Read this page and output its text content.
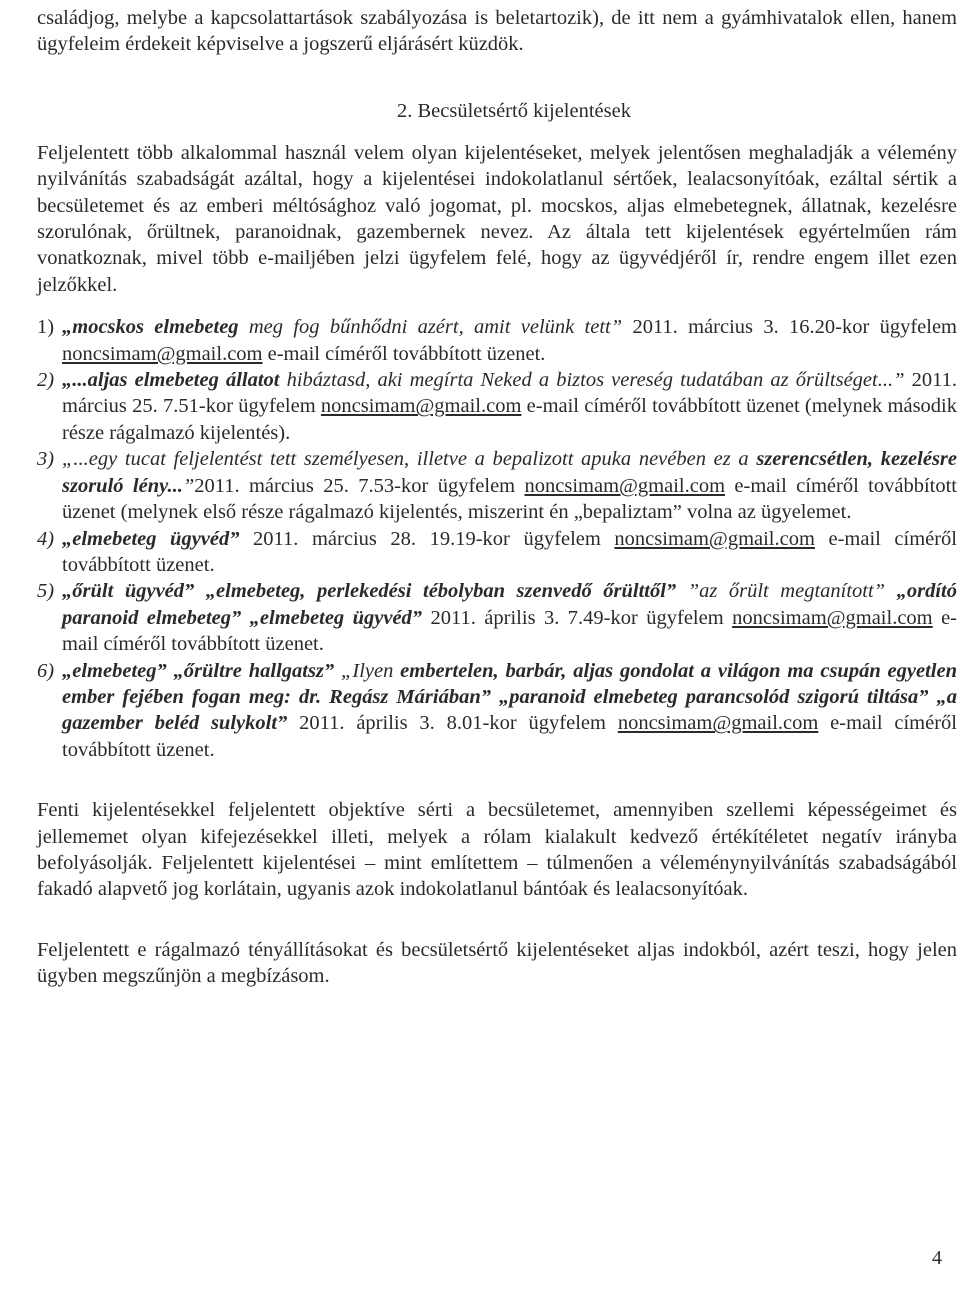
családjog, melybe a kapcsolattartások szabályozása is beletartozik), de itt nem a gyámhivatalok ellen, hanem ügyfeleim érdekeit képviselve a jogszerű eljárásért küzdök.

2. Becsületsértő kijelentések

Feljelentett több alkalommal használ velem olyan kijelentéseket, melyek jelentősen meghaladják a vélemény nyilvánítás szabadságát azáltal, hogy a kijelentései indokolatlanul sértőek, lealacsonyítóak, ezáltal sértik a becsületemet és az emberi méltósághoz való jogomat, pl. mocskos, aljas elmebetegnek, állatnak, kezelésre szorulónak, őrültnek, paranoidnak, gazembernek nevez. Az általa tett kijelentések egyértelműen rám vonatkoznak, mivel több e-mailjében jelzi ügyfelem felé, hogy az ügyvédjéről ír, rendre engem illet ezen jelzőkkel.

1) „mocskos elmebeteg meg fog bűnhődni azért, amit velünk tett” 2011. március 3. 16.20-kor ügyfelem noncsimam@gmail.com e-mail címéről továbbított üzenet.

2) „...aljas elmebeteg állatot hibáztasd, aki megírta Neked a biztos vereség tudatában az őrültséget...” 2011. március 25. 7.51-kor ügyfelem noncsimam@gmail.com e-mail címéről továbbított üzenet (melynek második része rágalmazó kijelentés).

3) „...egy tucat feljelentést tett személyesen, illetve a bepalizott apuka nevében ez a szerencsétlen, kezelésre szoruló lény...”2011. március 25. 7.53-kor ügyfelem noncsimam@gmail.com e-mail címéről továbbított üzenet (melynek első része rágalmazó kijelentés, miszerint én „bepaliztam” volna az ügyelemet.

4) „elmebeteg ügyvéd” 2011. március 28. 19.19-kor ügyfelem noncsimam@gmail.com e-mail címéről továbbított üzenet.

5) „őrült ügyvéd” „elmebeteg, perlekedési tébolyban szenvedő őrülttől” ”az őrült megtanított” „ordító paranoid elmebeteg” „elmebeteg ügyvéd” 2011. április 3. 7.49-kor ügyfelem noncsimam@gmail.com e-mail címéről továbbított üzenet.

6) „elmebeteg” „őrültre hallgatsz” „Ilyen embertelen, barbár, aljas gondolat a világon ma csupán egyetlen ember fejében fogan meg: dr. Regász Máriában” „paranoid elmebeteg parancsolód szigorú tiltása” „a gazember beléd sulykolt” 2011. április 3. 8.01-kor ügyfelem noncsimam@gmail.com e-mail címéről továbbított üzenet.

Fenti kijelentésekkel feljelentett objektíve sérti a becsületemet, amennyiben szellemi képességeimet és jellememet olyan kifejezésekkel illeti, melyek a rólam kialakult kedvező értékítéletet negatív irányba befolyásolják. Feljelentett kijelentései – mint említettem – túlmenően a véleménynyilvánítás szabadságából fakadó alapvető jog korlátain, ugyanis azok indokolatlanul bántóak és lealacsonyítóak.

Feljelentett e rágalmazó tényállításokat és becsületsértő kijelentéseket aljas indokból, azért teszi, hogy jelen ügyben megszűnjön a megbízásom.

4
